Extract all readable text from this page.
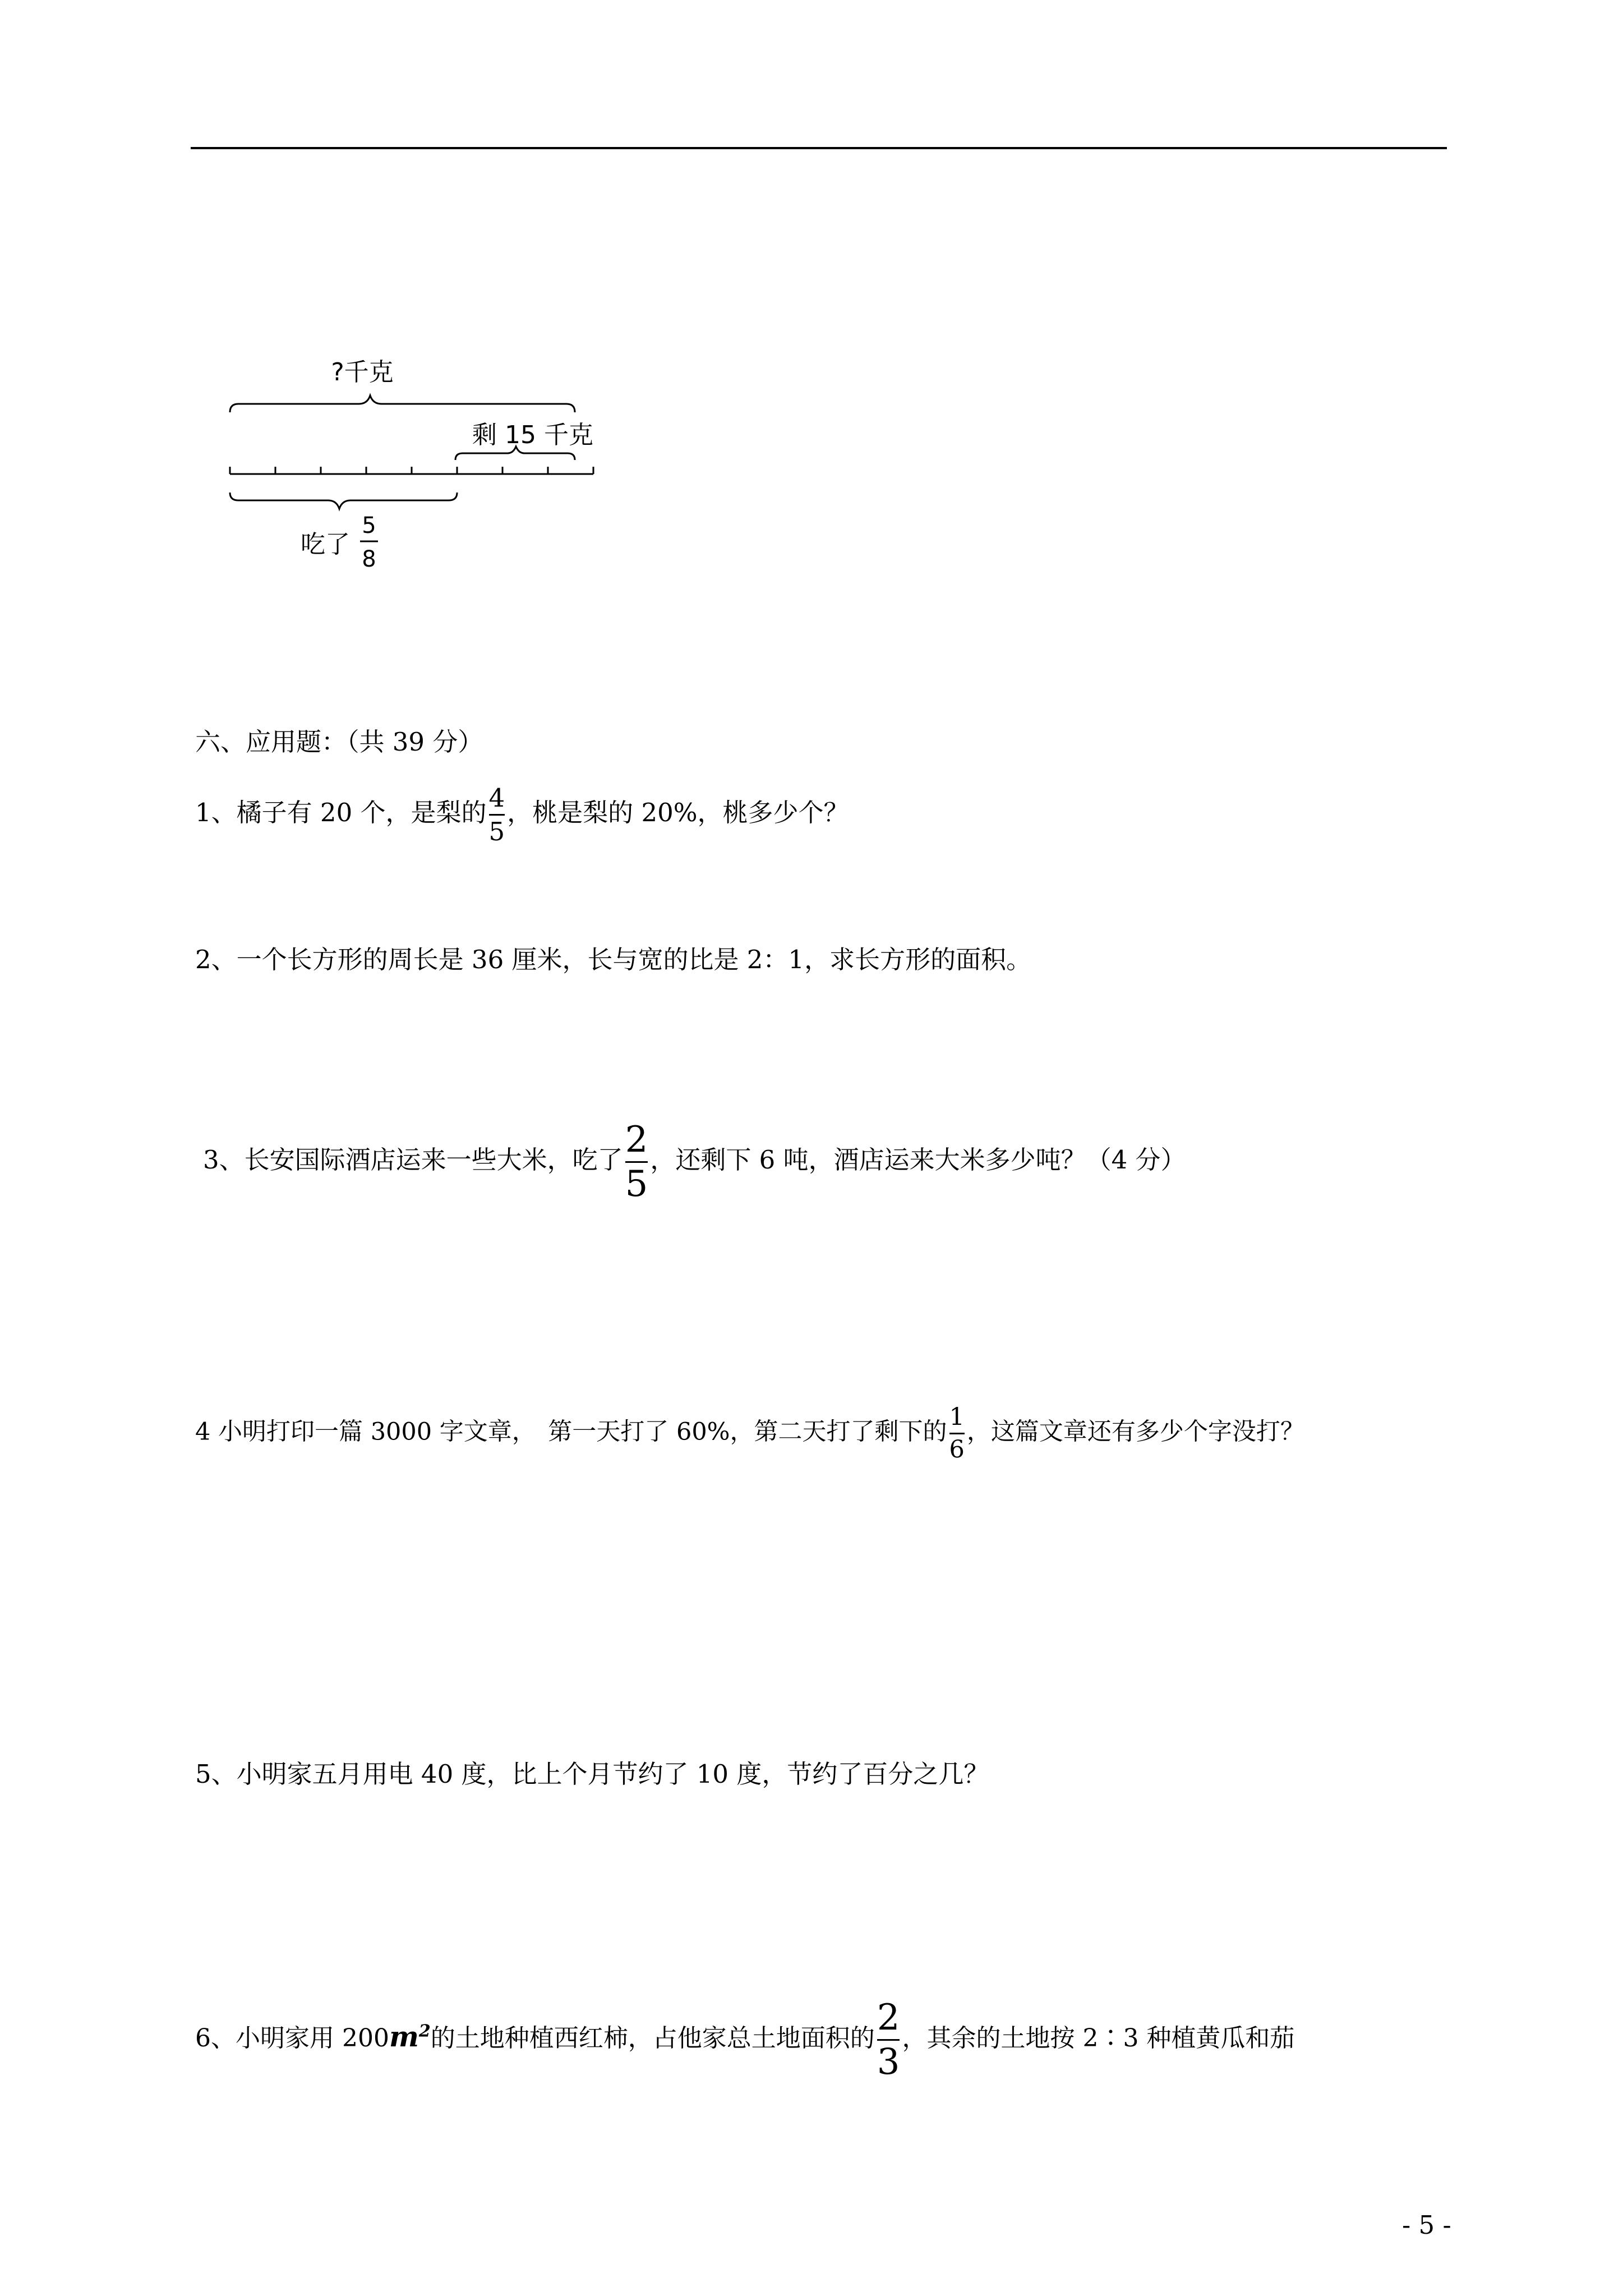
?千克
剩 15 千克
吃了
5
8
六、应用题：（共 39 分）
1、橘子有 20 个，是梨的 $\frac{4}{5}$ ，桃是梨的 20%，桃多少个？
2、一个长方形的周长是 36 厘米，长与宽的比是 2：1，求长方形的面积。
3、长安国际酒店运来一些大米，吃了 $\frac{2}{5}$ ，还剩下 6 吨，酒店运来大米多少吨？（4 分）
4 小明打印一篇 3000 字文章，　第一天打了 60%，第二天打了剩下的 $\frac{1}{6}$ ，这篇文章还有多少个字没打？
5、小明家五月用电 40 度，比上个月节约了 10 度，节约了百分之几？
6、小明家用 $200m^2$的土地种植西红柿，占他家总土地面积的 $\frac{2}{3}$ ，其余的土地按 2∶3 种植黄瓜和茄
- 5 -
